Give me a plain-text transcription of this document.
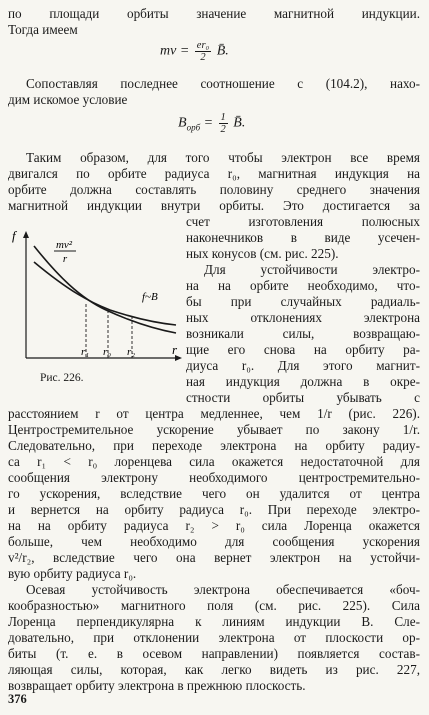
по площади орбиты значение магнитной индукции.
Тогда имеем
mv = $\frac{\text{er₀}}{2}$ B̄.
Сопоставляя последнее соотношение с (104.2), нахо-
дим искомое условие
$B_{орб} = \frac{1}{2}$ B̄.
Таким образом, для того чтобы электрон все время
двигался по орбите радиуса r₀, магнитная индукция на
орбите должна составлять половину среднего значения
магнитной индукции внутри орбиты. Это достигается за
счет изготовления полюсных
наконечников в виде усечен-
ных конусов (см. рис. 225).
Для устойчивости электро-
на на орбите необходимо, что-
бы при случайных радиаль-
ных отклонениях электрона
возникали силы, возвращаю-
щие его снова на орбиту ра-
диуса r₀. Для этого магнит-
ная индукция должна в окре-
стности орбиты убывать с
f
r
mv²
r
f~B
r₁ r₀ r₂
Рис. 226.
расстоянием r от центра медленнее, чем 1/r (рис. 226).
Центростремительное ускорение убывает по закону 1/r.
Следовательно, при переходе электрона на орбиту радиу-
са r₁ < r₀ лоренцева сила окажется недостаточной для
сообщения электрону необходимого центростремительно-
го ускорения, вследствие чего он удалится от центра
и вернется на орбиту радиуса r₀. При переходе электро-
на на орбиту радиуса r₂ > r₀ сила Лоренца окажется
больше, чем необходимо для сообщения ускорения
v²/r₂, вследствие чего она вернет электрон на устойчи-
вую орбиту радиуса r₀.
Осевая устойчивость электрона обеспечивается «боч-
кообразностью» магнитного поля (см. рис. 225). Сила
Лоренца перпендикулярна к линиям индукции B. Сле-
довательно, при отклонении электрона от плоскости ор-
биты (т. е. в осевом направлении) появляется состав-
ляющая силы, которая, как легко видеть из рис. 227,
возвращает орбиту электрона в прежнюю плоскость.
376
